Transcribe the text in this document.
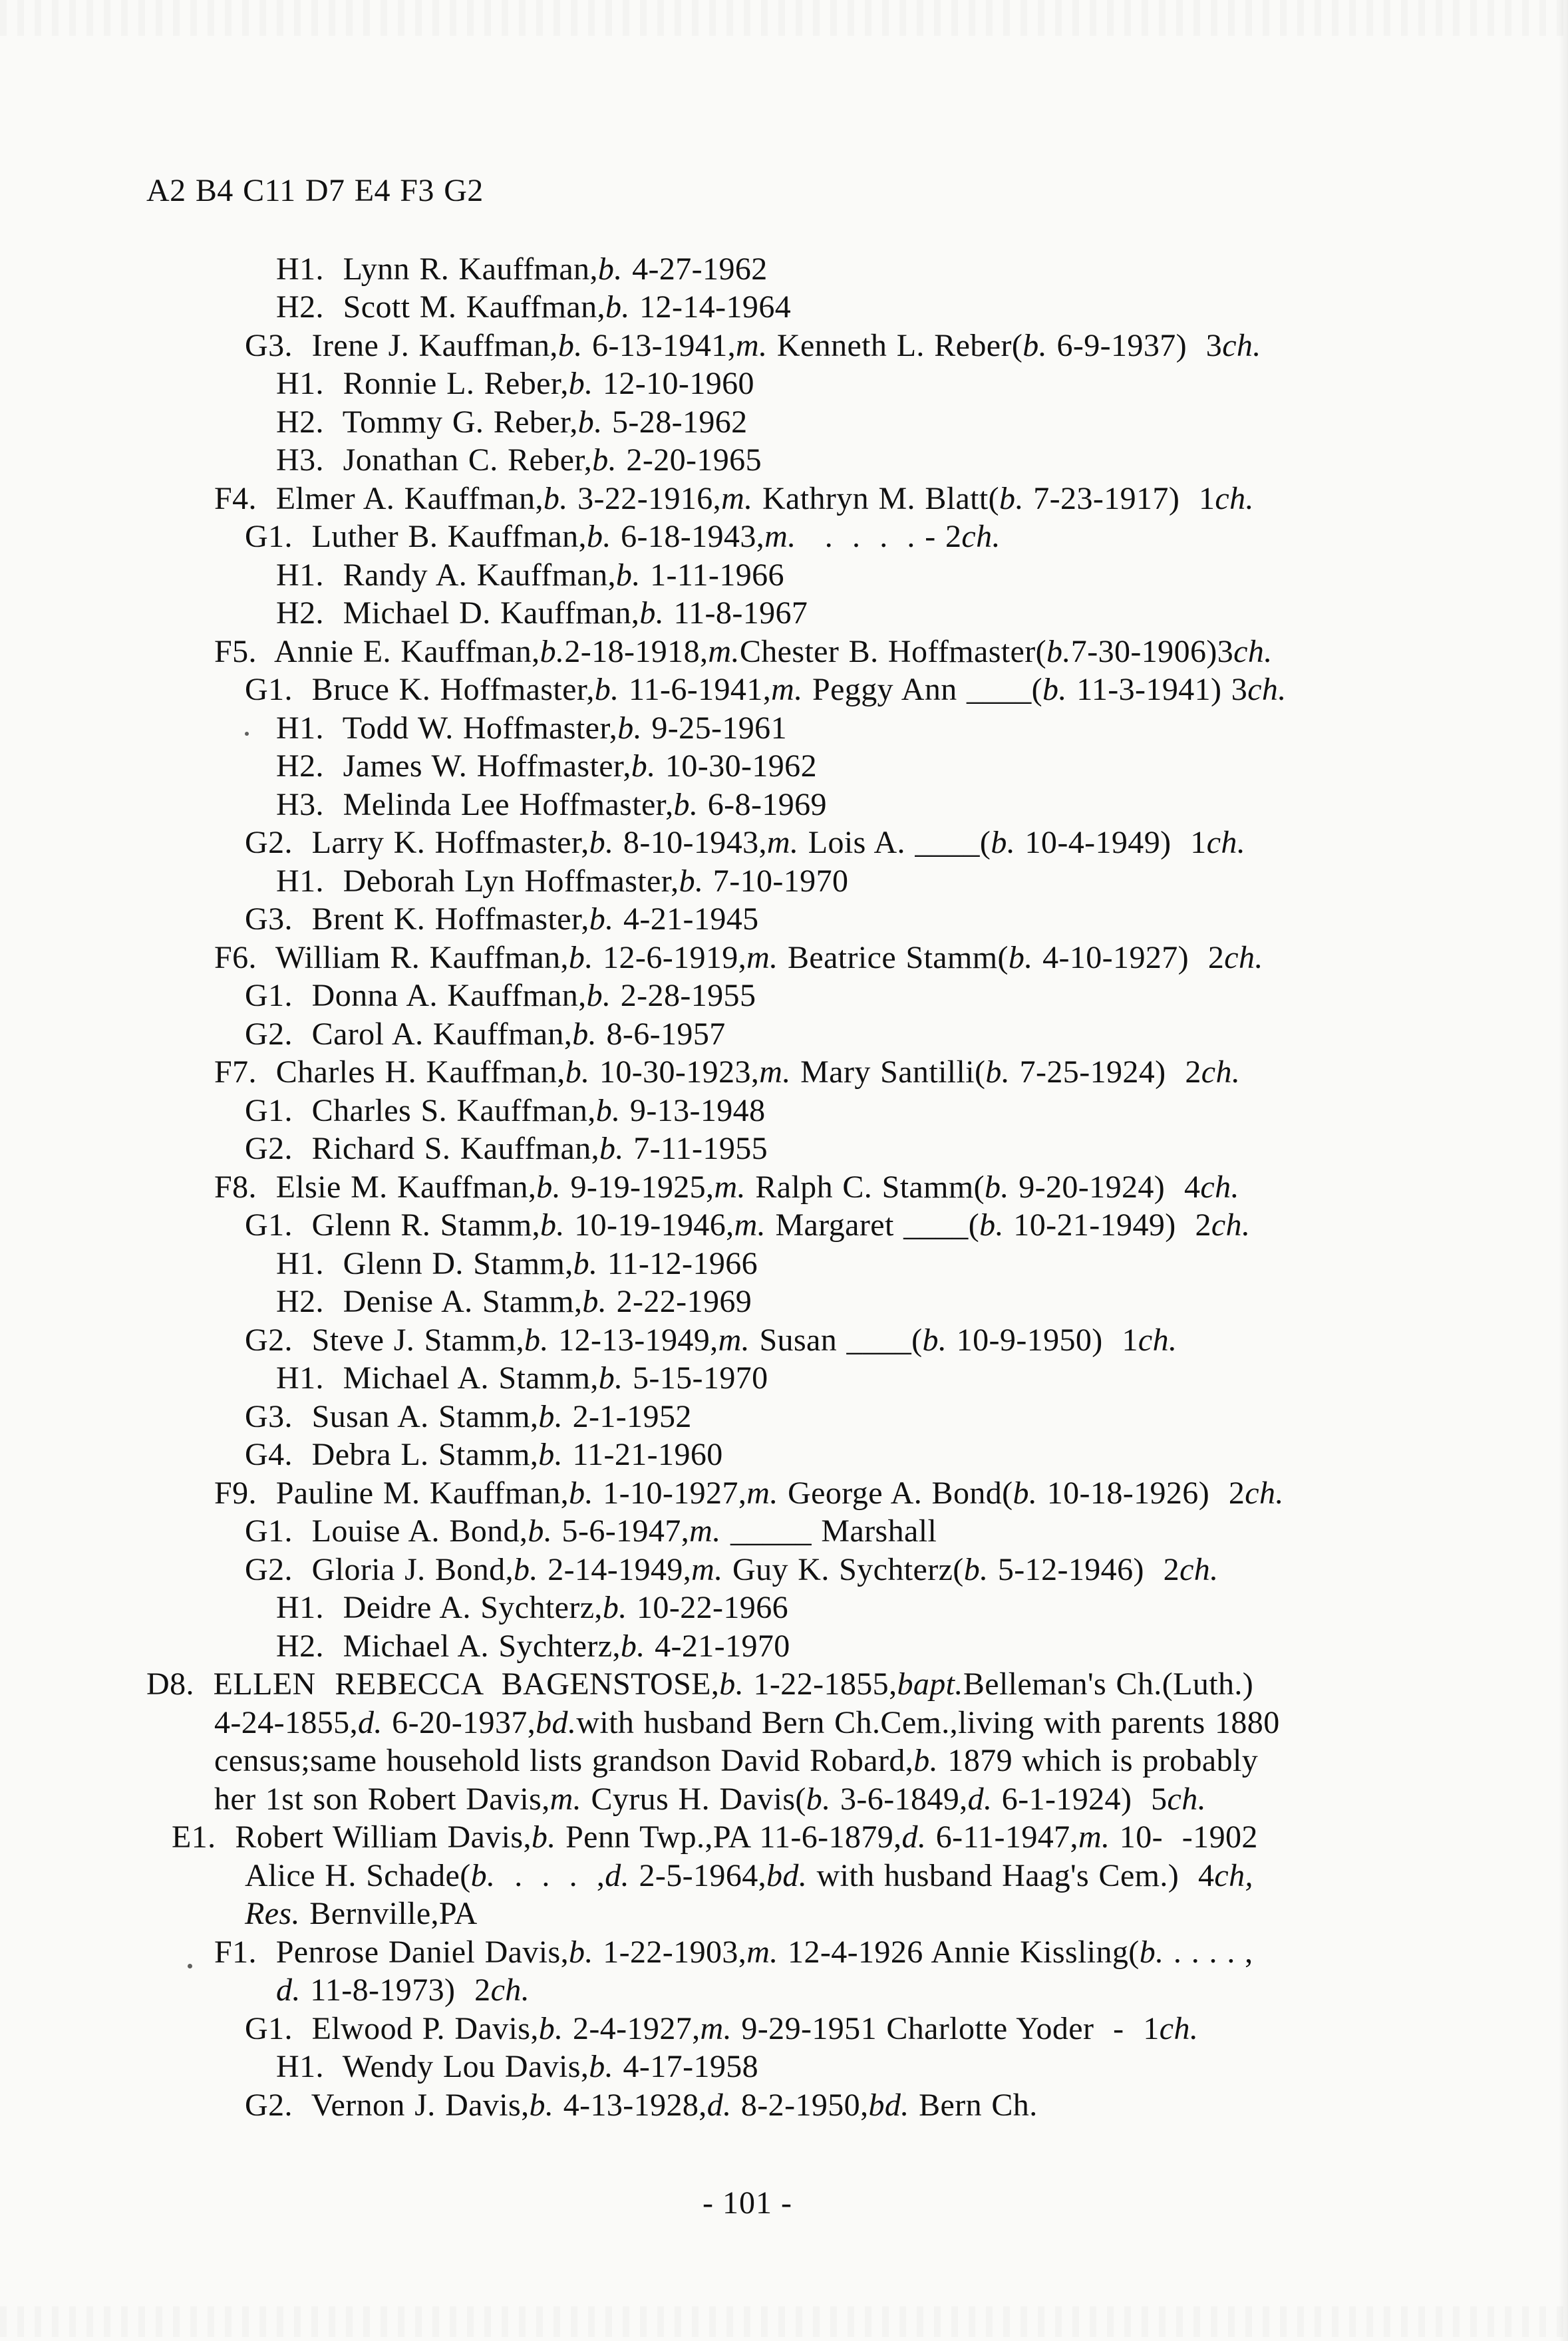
A2 B4 C11 D7 E4 F3 G2
H1.  Lynn R. Kauffman,b. 4-27-1962
H2.  Scott M. Kauffman,b. 12-14-1964
G3.  Irene J. Kauffman,b. 6-13-1941,m. Kenneth L. Reber(b. 6-9-1937)  3ch.
H1.  Ronnie L. Reber,b. 12-10-1960
H2.  Tommy G. Reber,b. 5-28-1962
H3.  Jonathan C. Reber,b. 2-20-1965
F4.  Elmer A. Kauffman,b. 3-22-1916,m. Kathryn M. Blatt(b. 7-23-1917)  1ch.
G1.  Luther B. Kauffman,b. 6-18-1943,m.   .  .  .  . - 2ch.
H1.  Randy A. Kauffman,b. 1-11-1966
H2.  Michael D. Kauffman,b. 11-8-1967
F5.  Annie E. Kauffman,b.2-18-1918,m.Chester B. Hoffmaster(b.7-30-1906)3ch.
G1.  Bruce K. Hoffmaster,b. 11-6-1941,m. Peggy Ann ____(b. 11-3-1941) 3ch.
H1.  Todd W. Hoffmaster,b. 9-25-1961
H2.  James W. Hoffmaster,b. 10-30-1962
H3.  Melinda Lee Hoffmaster,b. 6-8-1969
G2.  Larry K. Hoffmaster,b. 8-10-1943,m. Lois A. ____(b. 10-4-1949)  1ch.
H1.  Deborah Lyn Hoffmaster,b. 7-10-1970
G3.  Brent K. Hoffmaster,b. 4-21-1945
F6.  William R. Kauffman,b. 12-6-1919,m. Beatrice Stamm(b. 4-10-1927)  2ch.
G1.  Donna A. Kauffman,b. 2-28-1955
G2.  Carol A. Kauffman,b. 8-6-1957
F7.  Charles H. Kauffman,b. 10-30-1923,m. Mary Santilli(b. 7-25-1924)  2ch.
G1.  Charles S. Kauffman,b. 9-13-1948
G2.  Richard S. Kauffman,b. 7-11-1955
F8.  Elsie M. Kauffman,b. 9-19-1925,m. Ralph C. Stamm(b. 9-20-1924)  4ch.
G1.  Glenn R. Stamm,b. 10-19-1946,m. Margaret ____(b. 10-21-1949)  2ch.
H1.  Glenn D. Stamm,b. 11-12-1966
H2.  Denise A. Stamm,b. 2-22-1969
G2.  Steve J. Stamm,b. 12-13-1949,m. Susan ____(b. 10-9-1950)  1ch.
H1.  Michael A. Stamm,b. 5-15-1970
G3.  Susan A. Stamm,b. 2-1-1952
G4.  Debra L. Stamm,b. 11-21-1960
F9.  Pauline M. Kauffman,b. 1-10-1927,m. George A. Bond(b. 10-18-1926)  2ch.
G1.  Louise A. Bond,b. 5-6-1947,m. _____ Marshall
G2.  Gloria J. Bond,b. 2-14-1949,m. Guy K. Sychterz(b. 5-12-1946)  2ch.
H1.  Deidre A. Sychterz,b. 10-22-1966
H2.  Michael A. Sychterz,b. 4-21-1970
D8.  ELLEN  REBECCA  BAGENSTOSE,b. 1-22-1855,bapt.Belleman's Ch.(Luth.)
4-24-1855,d. 6-20-1937,bd.with husband Bern Ch.Cem.,living with parents 1880
census;same household lists grandson David Robard,b. 1879 which is probably
her 1st son Robert Davis,m. Cyrus H. Davis(b. 3-6-1849,d. 6-1-1924)  5ch.
E1.  Robert William Davis,b. Penn Twp.,PA 11-6-1879,d. 6-11-1947,m. 10-  -1902
Alice H. Schade(b.  .  .  .  ,d. 2-5-1964,bd. with husband Haag's Cem.)  4ch,
Res. Bernville,PA
F1.  Penrose Daniel Davis,b. 1-22-1903,m. 12-4-1926 Annie Kissling(b. . . . . ,
d. 11-8-1973)  2ch.
G1.  Elwood P. Davis,b. 2-4-1927,m. 9-29-1951 Charlotte Yoder  -  1ch.
H1.  Wendy Lou Davis,b. 4-17-1958
G2.  Vernon J. Davis,b. 4-13-1928,d. 8-2-1950,bd. Bern Ch.
- 101 -
